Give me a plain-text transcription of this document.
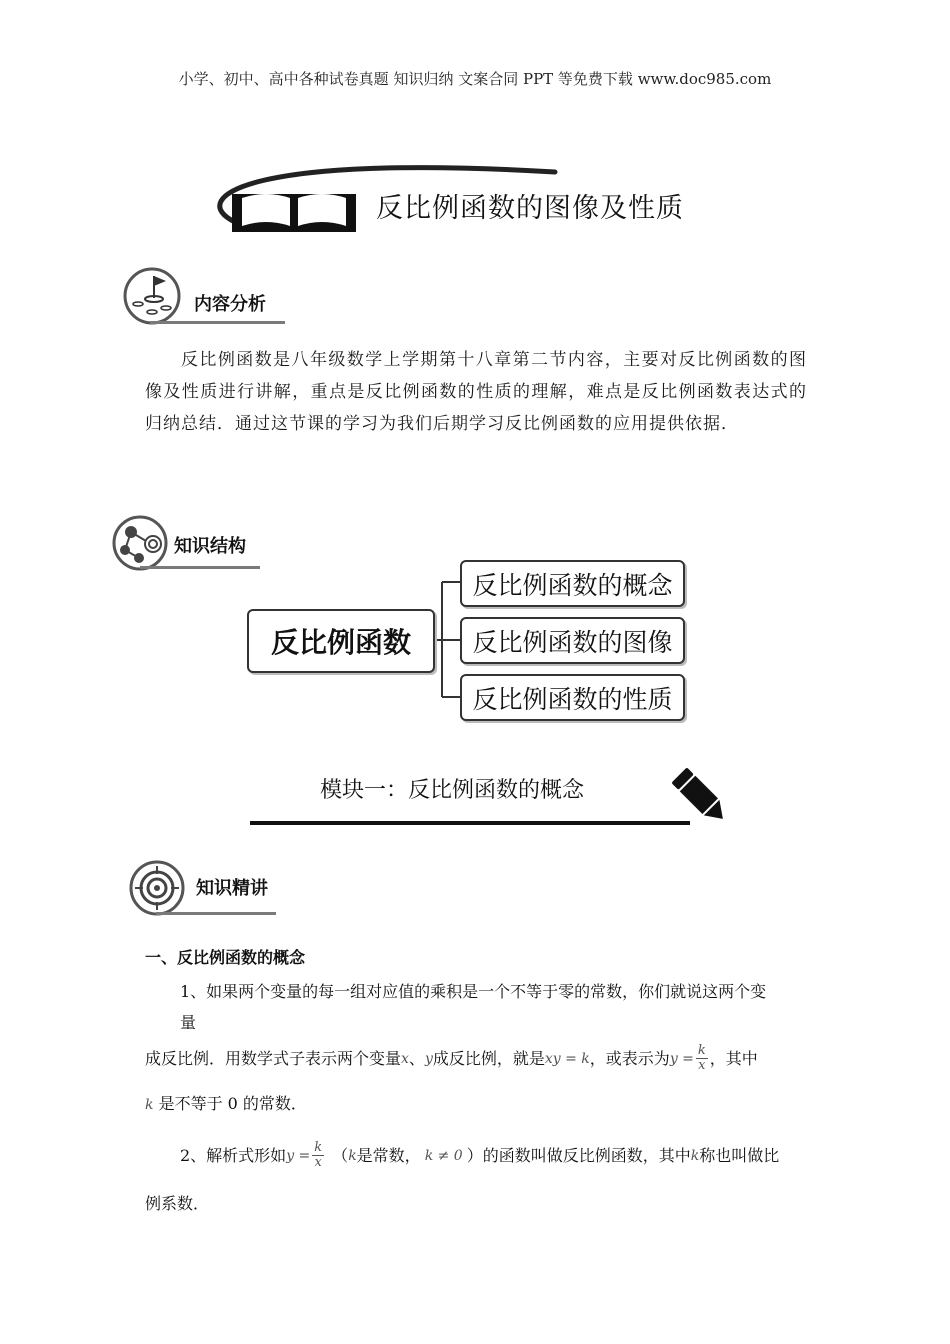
小学、初中、高中各种试卷真题 知识归纳 文案合同 PPT 等免费下载 www.doc985.com
反比例函数的图像及性质
内容分析
反比例函数是八年级数学上学期第十八章第二节内容，主要对反比例函数的图像及性质进行讲解，重点是反比例函数的性质的理解，难点是反比例函数表达式的归纳总结．通过这节课的学习为我们后期学习反比例函数的应用提供依据．
知识结构
反比例函数
反比例函数的概念
反比例函数的图像
反比例函数的性质
模块一：反比例函数的概念
知识精讲
一、反比例函数的概念
1、如果两个变量的每一组对应值的乘积是一个不等于零的常数，你们就说这两个变
量
成反比例．用数学式子表示两个变量 x 、 y 成反比例，就是 xy = k ，或表示为 $y = \frac{k}{x}$ ，其中
k 是不等于 0 的常数．
2、解析式形如 $y = \frac{k}{x}$ （ k 是常数， k ≠ 0 ）的函数叫做反比例函数，其中 k 称也叫做比
例系数．
